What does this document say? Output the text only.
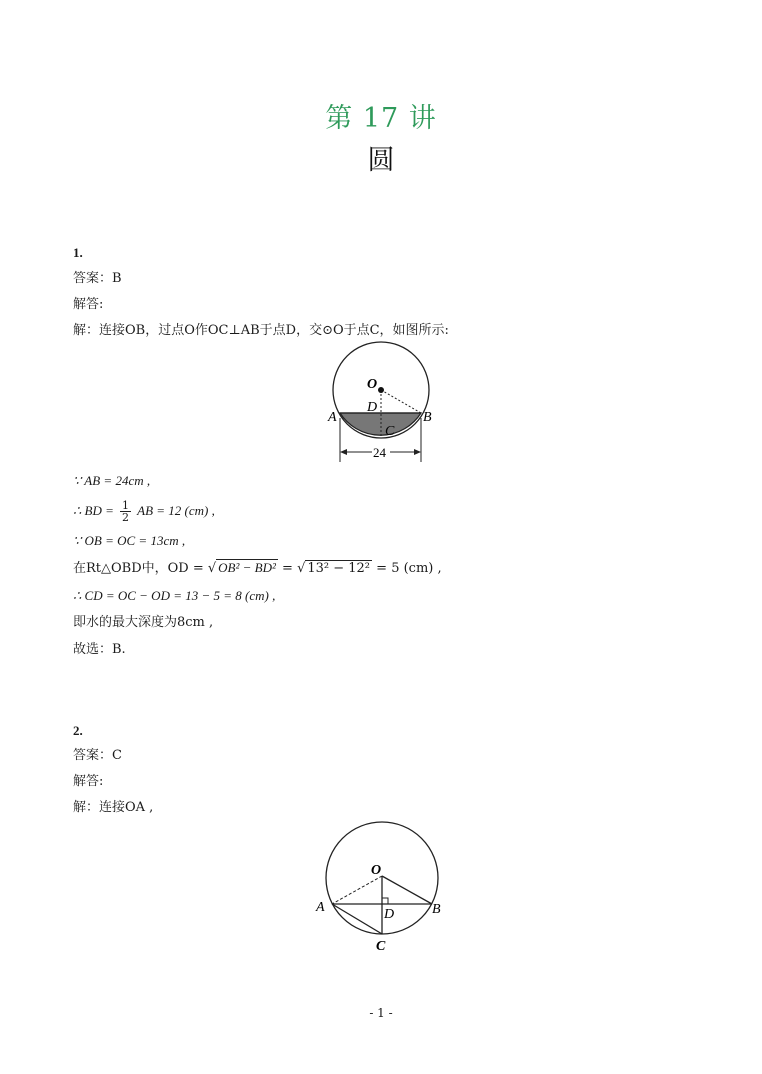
第 17 讲
圆
1.
答案：B
解答:
解：连接OB，过点O作OC⊥AB于点D，交⊙O于点C，如图所示:
O
D
A	B
C
24
∵ AB = 24cm ,
∴ BD = $\frac{1}{2}$ AB = 12 (cm) ,
∵ OB = OC = 13cm ,
在Rt△OBD中，OD = √ OB² − BD² = √ 13² − 12² = 5 (cm) ,
∴ CD = OC − OD = 13 − 5 = 8 (cm) ,
即水的最大深度为8cm ,
故选：B.
2.
答案：C
解答:
解：连接OA ,
O
A	B
D
C
- 1 -
